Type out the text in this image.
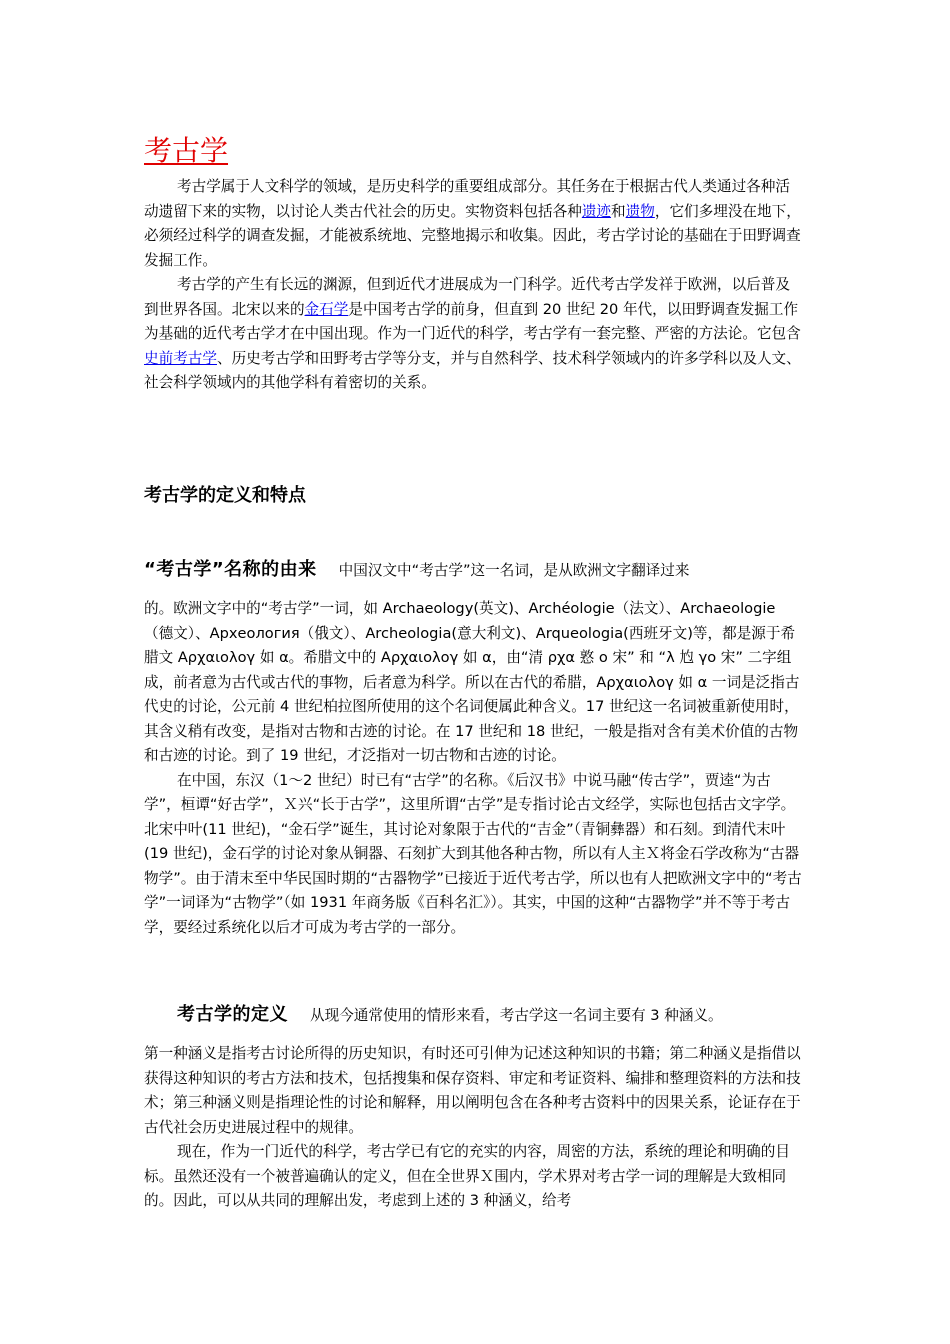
考古学

考古学属于人文科学的领域，是历史科学的重要组成部分。其任务在于根据古代人类通过各种活动遗留下来的实物，以讨论人类古代社会的历史。实物资料包括各种遗迹和遗物，它们多埋没在地下，必须经过科学的调查发掘，才能被系统地、完整地揭示和收集。因此，考古学讨论的基础在于田野调查发掘工作。

考古学的产生有长远的渊源，但到近代才进展成为一门科学。近代考古学发祥于欧洲，以后普及到世界各国。北宋以来的金石学是中国考古学的前身，但直到 20 世纪 20 年代，以田野调查发掘工作为基础的近代考古学才在中国出现。作为一门近代的科学，考古学有一套完整、严密的方法论。它包含史前考古学、历史考古学和田野考古学等分支，并与自然科学、技术科学领域内的许多学科以及人文、社会科学领域内的其他学科有着密切的关系。

考古学的定义和特点
“考古学”名称的由来 中国汉文中“考古学”这一名词，是从欧洲文字翻译过来

的。欧洲文字中的“考古学”一词，如 Archaeology(英文)、Archéologie（法文）、Archaeologie（德文）、Археология（俄文）、Archeologia(意大利文)、Arqueologia(西班牙文)等，都是源于希腊文 Αρχαιολογ 如 α。希腊文中的 Αρχαιολογ 如 α，由“清 ρχα 憝 ο 宋” 和 “λ 尥 γο 宋” 二字组成，前者意为古代或古代的事物，后者意为科学。所以在古代的希腊，Αρχαιολογ 如 α 一词是泛指古代史的讨论，公元前 4 世纪柏拉图所使用的这个名词便属此种含义。17 世纪这一名词被重新使用时，其含义稍有改变，是指对古物和古迹的讨论。在 17 世纪和 18 世纪，一般是指对含有美术价值的古物和古迹的讨论。到了 19 世纪，才泛指对一切古物和古迹的讨论。

在中国，东汉（1～2 世纪）时已有“古学”的名称。《后汉书》中说马融“传古学”，贾逵“为古学”，桓谭“好古学”，Ｘ兴“长于古学”，这里所谓“古学”是专指讨论古文经学，实际也包括古文字学。北宋中叶(11 世纪)，“金石学”诞生，其讨论对象限于古代的“吉金”（青铜彝器）和石刻。到清代末叶(19 世纪)，金石学的讨论对象从铜器、石刻扩大到其他各种古物，所以有人主Ｘ将金石学改称为“古器物学”。由于清末至中华民国时期的“古器物学”已接近于近代考古学，所以也有人把欧洲文字中的“考古学”一词译为“古物学”（如 1931 年商务版《百科名汇》）。其实，中国的这种“古器物学”并不等于考古学，要经过系统化以后才可成为考古学的一部分。

考古学的定义 从现今通常使用的情形来看，考古学这一名词主要有 3 种涵义。

第一种涵义是指考古讨论所得的历史知识，有时还可引伸为记述这种知识的书籍；第二种涵义是指借以获得这种知识的考古方法和技术，包括搜集和保存资料、审定和考证资料、编排和整理资料的方法和技术；第三种涵义则是指理论性的讨论和解释，用以阐明包含在各种考古资料中的因果关系，论证存在于古代社会历史进展过程中的规律。

现在，作为一门近代的科学，考古学已有它的充实的内容，周密的方法，系统的理论和明确的目标。虽然还没有一个被普遍确认的定义，但在全世界Ｘ围内，学术界对考古学一词的理解是大致相同的。因此，可以从共同的理解出发，考虑到上述的 3 种涵义，给考
